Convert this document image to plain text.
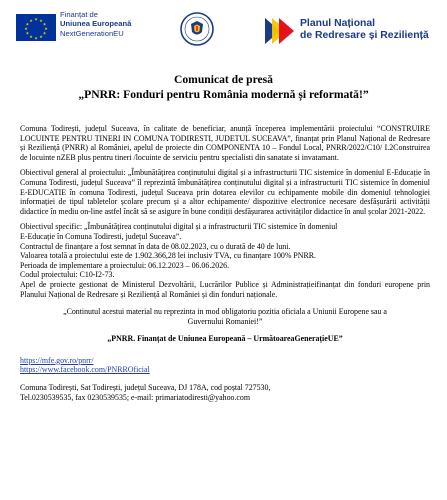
★ ★
★
★
★
★
★
★
★
★
★
★
Finanțat de
Uniunea Europeană
NextGenerationEU
Planul Național
de Redresare și Reziliență
Comunicat de presă
„PNRR: Fonduri pentru România modernă și reformată!”

Comuna Todirești, județul Suceava, în calitate de beneficiar, anunță începerea implementării proiectului “CONSTRUIRE LOCUINTE PENTRU TINERI IN COMUNA TODIRESTI, JUDETUL SUCEAVA”, finanțat prin Planul Național de Redresare și Reziliență (PNRR) al României, apelul de proiecte din COMPONENTA 10 – Fondul Local, PNRR/2022/C10/ I.2Construirea de locuinte nZEB plus pentru tineri /locuinte de serviciu pentru specialisti din sanatate si invatamant.

Obiectivul general al proiectului: „Îmbunătățirea conținutului digital și a infrastructurii TIC sistemice în domeniul E-Educație în Comuna Todiresti, județul Suceava” îl reprezintă îmbunătățirea conținutului digital și a infrastructurii TIC sistemice în domeniul E-EDUCATIE în comuna Todiresti, județul Suceava prin dotarea elevilor cu echipamente mobile din domeniul tehnologiei informației de tipul tabletelor școlare precum și a altor echipamente/ dispozitive electronice necesare desfășurării activității didactice în mediu on-line astfel încât să se asigure în bune condiții desfășurarea activităților didactice în anul școlar 2021-2022.

Obiectivul specific: „Îmbunătățirea conținutului digital și a infrastructurii TIC sistemice în domeniul
E-Educație în Comuna Todiresti, județul Suceava”.
Contractul de finanțare a fost semnat în data de 08.02.2023, cu o durată de 40 de luni.
Valoarea totală a proiectului este de 1.902.366,28 lei inclusiv TVA, cu finanțare 100% PNRR.
Perioada de implementare a proiectului: 06.12.2023 – 06.06.2026.
Codul proiectului: C10-I2-73.

Apel de proiecte gestionat de Ministerul Dezvoltării, Lucrărilor Publice și Administrațieifinanțat din fonduri europene prin Planului Național de Redresare și Reziliență al României și din fonduri naționale.

„Continutul acestui material nu reprezinta in mod obligatoriu pozitia oficiala a Uniunii Europene sau a Guvernului Romaniei!”

„PNRR. Finanțat de Uniunea Europeană – UrmătoareaGenerațieUE”

https://mfe.gov.ro/pnrr/
https://www.facebook.com/PNRROficial
Comuna Todirești, Sat Todirești, județul Suceava, DJ 178A, cod poștal 727530,
Tel.0230539535, fax 0230539535; e-mail: primariatodiresti@yahoo.com
